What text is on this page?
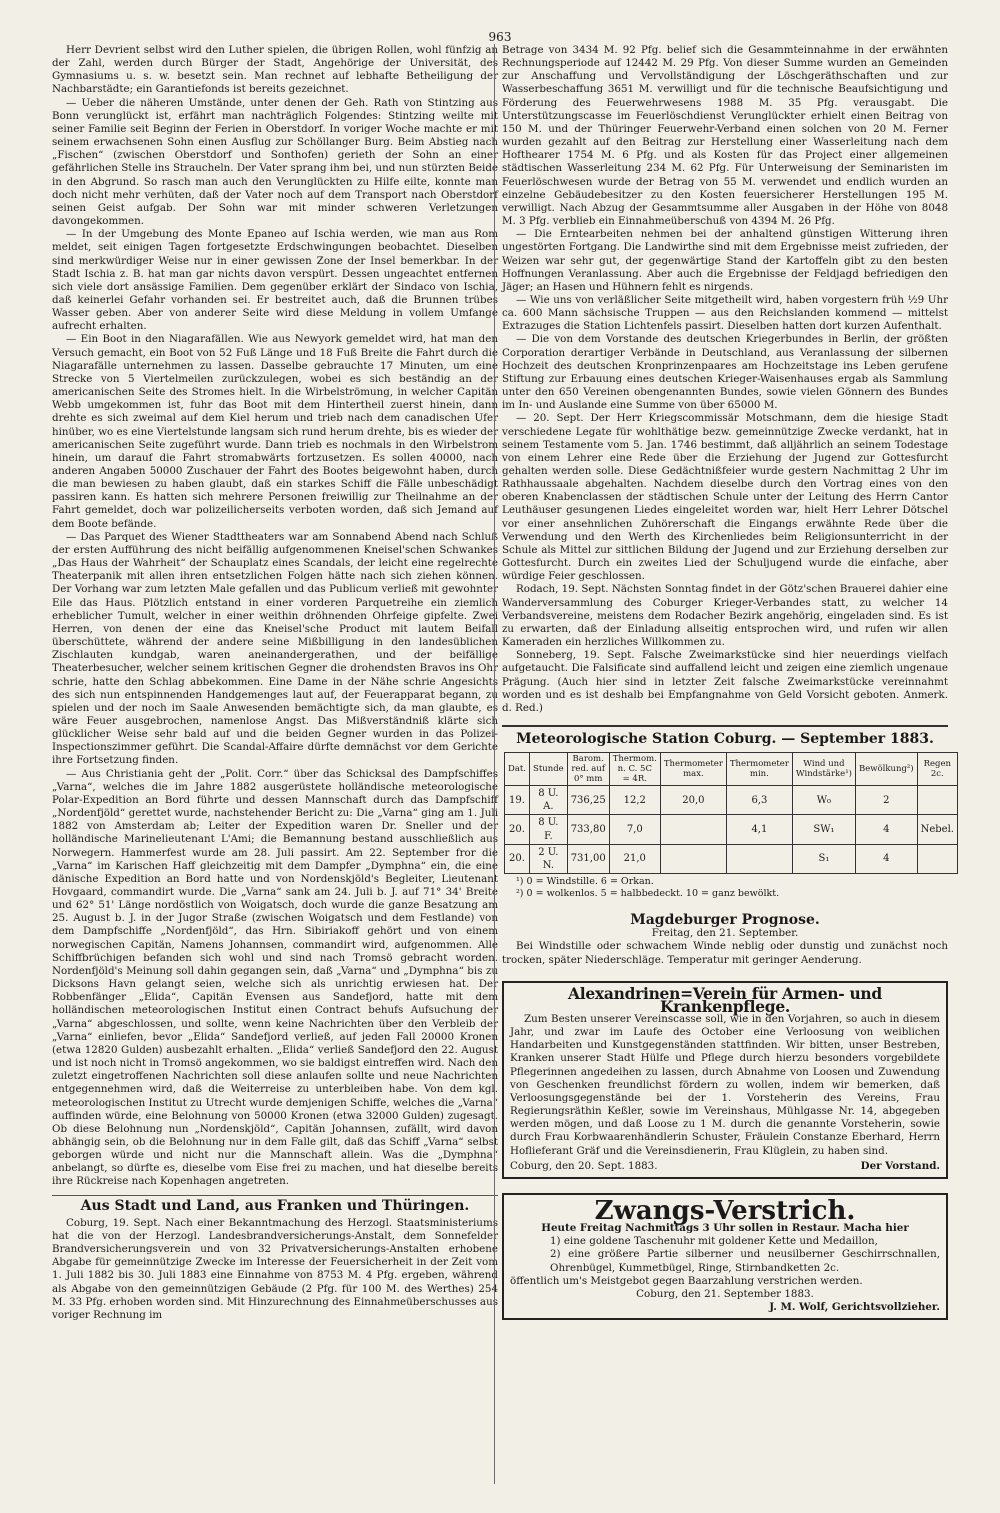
963

Herr Devrient selbst wird den Luther spielen, die übrigen Rollen, wohl fünfzig an der Zahl, werden durch Bürger der Stadt, Angehörige der Universität, des Gymnasiums u. s. w. besetzt sein. Man rechnet auf lebhafte Betheiligung der Nachbarstädte; ein Garantiefonds ist bereits gezeichnet.

— Ueber die näheren Umstände, unter denen der Geh. Rath von Stintzing aus Bonn verunglückt ist, erfährt man nachträglich Folgendes: Stintzing weilte mit seiner Familie seit Beginn der Ferien in Oberstdorf. In voriger Woche machte er mit seinem erwachsenen Sohn einen Ausflug zur Schöllanger Burg. Beim Abstieg nach „Fischen“ (zwischen Oberstdorf und Sonthofen) gerieth der Sohn an einer gefährlichen Stelle ins Straucheln. Der Vater sprang ihm bei, und nun stürzten Beide in den Abgrund. So rasch man auch den Verunglückten zu Hilfe eilte, konnte man doch nicht mehr verhüten, daß der Vater noch auf dem Transport nach Oberstdorf seinen Geist aufgab. Der Sohn war mit minder schweren Verletzungen davongekommen.

— In der Umgebung des Monte Epaneo auf Ischia werden, wie man aus Rom meldet, seit einigen Tagen fortgesetzte Erdschwingungen beobachtet. Dieselben sind merkwürdiger Weise nur in einer gewissen Zone der Insel bemerkbar. In der Stadt Ischia z. B. hat man gar nichts davon verspürt. Dessen ungeachtet entfernen sich viele dort ansässige Familien. Dem gegenüber erklärt der Sindaco von Ischia, daß keinerlei Gefahr vorhanden sei. Er bestreitet auch, daß die Brunnen trübes Wasser geben. Aber von anderer Seite wird diese Meldung in vollem Umfange aufrecht erhalten.

— Ein Boot in den Niagarafällen. Wie aus Newyork gemeldet wird, hat man den Versuch gemacht, ein Boot von 52 Fuß Länge und 18 Fuß Breite die Fahrt durch die Niagarafälle unternehmen zu lassen. Dasselbe gebrauchte 17 Minuten, um eine Strecke von 5 Viertelmeilen zurückzulegen, wobei es sich beständig an der americanischen Seite des Stromes hielt. In die Wirbelströmung, in welcher Capitän Webb umgekommen ist, fuhr das Boot mit dem Hintertheil zuerst hinein, dann drehte es sich zweimal auf dem Kiel herum und trieb nach dem canadischen Ufer hinüber, wo es eine Viertelstunde langsam sich rund herum drehte, bis es wieder der americanischen Seite zugeführt wurde. Dann trieb es nochmals in den Wirbelstrom hinein, um darauf die Fahrt stromabwärts fortzusetzen. Es sollen 40000, nach anderen Angaben 50000 Zuschauer der Fahrt des Bootes beigewohnt haben, durch die man bewiesen zu haben glaubt, daß ein starkes Schiff die Fälle unbeschädigt passiren kann. Es hatten sich mehrere Personen freiwillig zur Theilnahme an der Fahrt gemeldet, doch war polizeilicherseits verboten worden, daß sich Jemand auf dem Boote befände.

— Das Parquet des Wiener Stadttheaters war am Sonnabend Abend nach Schluß der ersten Aufführung des nicht beifällig aufgenommenen Kneisel'schen Schwankes „Das Haus der Wahrheit“ der Schauplatz eines Scandals, der leicht eine regelrechte Theaterpanik mit allen ihren entsetzlichen Folgen hätte nach sich ziehen können. Der Vorhang war zum letzten Male gefallen und das Publicum verließ mit gewohnter Eile das Haus. Plötzlich entstand in einer vorderen Parquetreihe ein ziemlich erheblicher Tumult, welcher in einer weithin dröhnenden Ohrfeige gipfelte. Zwei Herren, von denen der eine das Kneisel'sche Product mit lautem Beifall überschüttete, während der andere seine Mißbilligung in den landesüblichen Zischlauten kundgab, waren aneinandergerathen, und der beifällige Theaterbesucher, welcher seinem kritischen Gegner die drohendsten Bravos ins Ohr schrie, hatte den Schlag abbekommen. Eine Dame in der Nähe schrie Angesichts des sich nun entspinnenden Handgemenges laut auf, der Feuerapparat begann, zu spielen und der noch im Saale Anwesenden bemächtigte sich, da man glaubte, es wäre Feuer ausgebrochen, namenlose Angst. Das Mißverständniß klärte sich glücklicher Weise sehr bald auf und die beiden Gegner wurden in das Polizei-Inspectionszimmer geführt. Die Scandal-Affaire dürfte demnächst vor dem Gerichte ihre Fortsetzung finden.

— Aus Christiania geht der „Polit. Corr.“ über das Schicksal des Dampfschiffes „Varna“, welches die im Jahre 1882 ausgerüstete holländische meteorologische Polar-Expedition an Bord führte und dessen Mannschaft durch das Dampfschiff „Nordenfjöld“ gerettet wurde, nachstehender Bericht zu: Die „Varna“ ging am 1. Juli 1882 von Amsterdam ab; Leiter der Expedition waren Dr. Sneller und der holländische Marinelieutenant L'Ami; die Bemannung bestand ausschließlich aus Norwegern. Hammerfest wurde am 28. Juli passirt. Am 22. September fror die „Varna“ im Karischen Haff gleichzeitig mit dem Dampfer „Dymphna“ ein, die eine dänische Expedition an Bord hatte und von Nordenskjöld's Begleiter, Lieutenant Hovgaard, commandirt wurde. Die „Varna“ sank am 24. Juli b. J. auf 71° 34' Breite und 62° 51' Länge nordöstlich von Woigatsch, doch wurde die ganze Besatzung am 25. August b. J. in der Jugor Straße (zwischen Woigatsch und dem Festlande) von dem Dampfschiffe „Nordenfjöld“, das Hrn. Sibiriakoff gehört und von einem norwegischen Capitän, Namens Johannsen, commandirt wird, aufgenommen. Alle Schiffbrüchigen befanden sich wohl und sind nach Tromsö gebracht worden. Nordenfjöld's Meinung soll dahin gegangen sein, daß „Varna“ und „Dymphna“ bis zu Dicksons Havn gelangt seien, welche sich als unrichtig erwiesen hat. Der Robbenfänger „Elida“, Capitän Evensen aus Sandefjord, hatte mit dem holländischen meteorologischen Institut einen Contract behufs Aufsuchung der „Varna“ abgeschlossen, und sollte, wenn keine Nachrichten über den Verbleib der „Varna“ einliefen, bevor „Elida“ Sandefjord verließ, auf jeden Fall 20000 Kronen (etwa 12820 Gulden) ausbezahlt erhalten. „Elida“ verließ Sandefjord den 22. August und ist noch nicht in Tromsö angekommen, wo sie baldigst eintreffen wird. Nach den zuletzt eingetroffenen Nachrichten soll diese anlaufen sollte und neue Nachrichten entgegennehmen wird, daß die Weiterreise zu unterbleiben habe. Von dem kgl. meteorologischen Institut zu Utrecht wurde demjenigen Schiffe, welches die „Varna“ auffinden würde, eine Belohnung von 50000 Kronen (etwa 32000 Gulden) zugesagt. Ob diese Belohnung nun „Nordenskjöld“, Capitän Johannsen, zufällt, wird davon abhängig sein, ob die Belohnung nur in dem Falle gilt, daß das Schiff „Varna“ selbst geborgen würde und nicht nur die Mannschaft allein. Was die „Dymphna“ anbelangt, so dürfte es, dieselbe vom Eise frei zu machen, und hat dieselbe bereits ihre Rückreise nach Kopenhagen angetreten.

Aus Stadt und Land, aus Franken und Thüringen.

Coburg, 19. Sept. Nach einer Bekanntmachung des Herzogl. Staatsministeriums hat die von der Herzogl. Landesbrandversicherungs-Anstalt, dem Sonnefelder Brandversicherungsverein und von 32 Privatversicherungs-Anstalten erhobene Abgabe für gemeinnützige Zwecke im Interesse der Feuersicherheit in der Zeit vom 1. Juli 1882 bis 30. Juli 1883 eine Einnahme von 8753 M. 4 Pfg. ergeben, während als Abgabe von den gemeinnützigen Gebäude (2 Pfg. für 100 M. des Werthes) 254 M. 33 Pfg. erhoben worden sind. Mit Hinzurechnung des Einnahmeüberschusses aus voriger Rechnung im

Betrage von 3434 M. 92 Pfg. belief sich die Gesammteinnahme in der erwähnten Rechnungsperiode auf 12442 M. 29 Pfg. Von dieser Summe wurden an Gemeinden zur Anschaffung und Vervollständigung der Löschgeräthschaften und zur Wasserbeschaffung 3651 M. verwilligt und für die technische Beaufsichtigung und Förderung des Feuerwehrwesens 1988 M. 35 Pfg. verausgabt. Die Unterstützungscasse im Feuerlöschdienst Verunglückter erhielt einen Beitrag von 150 M. und der Thüringer Feuerwehr-Verband einen solchen von 20 M. Ferner wurden gezahlt auf den Beitrag zur Herstellung einer Wasserleitung nach dem Hofthearer 1754 M. 6 Pfg. und als Kosten für das Project einer allgemeinen städtischen Wasserleitung 234 M. 62 Pfg. Für Unterweisung der Seminaristen im Feuerlöschwesen wurde der Betrag von 55 M. verwendet und endlich wurden an einzelne Gebäudebesitzer zu den Kosten feuersicherer Herstellungen 195 M. verwilligt. Nach Abzug der Gesammtsumme aller Ausgaben in der Höhe von 8048 M. 3 Pfg. verblieb ein Einnahmeüberschuß von 4394 M. 26 Pfg.

— Die Erntearbeiten nehmen bei der anhaltend günstigen Witterung ihren ungestörten Fortgang. Die Landwirthe sind mit dem Ergebnisse meist zufrieden, der Weizen war sehr gut, der gegenwärtige Stand der Kartoffeln gibt zu den besten Hoffnungen Veranlassung. Aber auch die Ergebnisse der Feldjagd befriedigen den Jäger; an Hasen und Hühnern fehlt es nirgends.

— Wie uns von verläßlicher Seite mitgetheilt wird, haben vorgestern früh ½9 Uhr ca. 600 Mann sächsische Truppen — aus den Reichslanden kommend — mittelst Extrazuges die Station Lichtenfels passirt. Dieselben hatten dort kurzen Aufenthalt.

— Die von dem Vorstande des deutschen Kriegerbundes in Berlin, der größten Corporation derartiger Verbände in Deutschland, aus Veranlassung der silbernen Hochzeit des deutschen Kronprinzenpaares am Hochzeitstage ins Leben gerufene Stiftung zur Erbauung eines deutschen Krieger-Waisenhauses ergab als Sammlung unter den 650 Vereinen obengenannten Bundes, sowie vielen Gönnern des Bundes im In- und Auslande eine Summe von über 65000 M.

— 20. Sept. Der Herr Kriegscommissär Motschmann, dem die hiesige Stadt verschiedene Legate für wohlthätige bezw. gemeinnützige Zwecke verdankt, hat in seinem Testamente vom 5. Jan. 1746 bestimmt, daß alljährlich an seinem Todestage von einem Lehrer eine Rede über die Erziehung der Jugend zur Gottesfurcht gehalten werden solle. Diese Gedächtnißfeier wurde gestern Nachmittag 2 Uhr im Rathhaussaale abgehalten. Nachdem dieselbe durch den Vortrag eines von den oberen Knabenclassen der städtischen Schule unter der Leitung des Herrn Cantor Leuthäuser gesungenen Liedes eingeleitet worden war, hielt Herr Lehrer Dötschel vor einer ansehnlichen Zuhörerschaft die Eingangs erwähnte Rede über die Verwendung und den Werth des Kirchenliedes beim Religionsunterricht in der Schule als Mittel zur sittlichen Bildung der Jugend und zur Erziehung derselben zur Gottesfurcht. Durch ein zweites Lied der Schuljugend wurde die einfache, aber würdige Feier geschlossen.

Rodach, 19. Sept. Nächsten Sonntag findet in der Götz'schen Brauerei dahier eine Wanderversammlung des Coburger Krieger-Verbandes statt, zu welcher 14 Verbandsvereine, meistens dem Rodacher Bezirk angehörig, eingeladen sind. Es ist zu erwarten, daß der Einladung allseitig entsprochen wird, und rufen wir allen Kameraden ein herzliches Willkommen zu.

Sonneberg, 19. Sept. Falsche Zweimarkstücke sind hier neuerdings vielfach aufgetaucht. Die Falsificate sind auffallend leicht und zeigen eine ziemlich ungenaue Prägung. (Auch hier sind in letzter Zeit falsche Zweimarkstücke vereinnahmt worden und es ist deshalb bei Empfangnahme von Geld Vorsicht geboten. Anmerk. d. Red.)

Meteorologische Station Coburg. — September 1883.
Dat.	Stunde	Barom. red. auf 0° mm	Thermom. n. C. 5C = 4R.	Thermometer max.	Thermometer min.	Wind und Windstärke¹)	Bewölkung²)	Regen 2c.
19.	8 U. A.	736,25	12,2	20,0	6,3	W₀	2	
20.	8 U. F.	733,80	7,0		4,1	SW₁	4	Nebel.
20.	2 U. N.	731,00	21,0			S₁	4	
¹) 0 = Windstille. 6 = Orkan.
²) 0 = wolkenlos. 5 = halbbedeckt. 10 = ganz bewölkt.
Magdeburger Prognose.
Freitag, den 21. September.

Bei Windstille oder schwachem Winde neblig oder dunstig und zunächst noch trocken, später Niederschläge. Temperatur mit geringer Aenderung.

Alexandrinen=Verein für Armen- und Krankenpflege.

Zum Besten unserer Vereinscasse soll, wie in den Vorjahren, so auch in diesem Jahr, und zwar im Laufe des October eine Verloosung von weiblichen Handarbeiten und Kunstgegenständen stattfinden. Wir bitten, unser Bestreben, Kranken unserer Stadt Hülfe und Pflege durch hierzu besonders vorgebildete Pflegerinnen angedeihen zu lassen, durch Abnahme von Loosen und Zuwendung von Geschenken freundlichst fördern zu wollen, indem wir bemerken, daß Verloosungsgegenstände bei der 1. Vorsteherin des Vereins, Frau Regierungsräthin Keßler, sowie im Vereinshaus, Mühlgasse Nr. 14, abgegeben werden mögen, und daß Loose zu 1 M. durch die genannte Vorsteherin, sowie durch Frau Korbwaarenhändlerin Schuster, Fräulein Constanze Eberhard, Herrn Hoflieferant Gräf und die Vereinsdienerin, Frau Klüglein, zu haben sind.

Coburg, den 20. Sept. 1883.	Der Vorstand.
Zwangs-Verstrich.
Heute Freitag Nachmittags 3 Uhr sollen in Restaur. Macha hier
1) eine goldene Taschenuhr mit goldener Kette und Medaillon,
2) eine größere Partie silberner und neusilberner Geschirrschnallen, Ohrenbügel, Kummetbügel, Ringe, Stirnbandketten 2c.
öffentlich um's Meistgebot gegen Baarzahlung verstrichen werden.
Coburg, den 21. September 1883.
J. M. Wolf, Gerichtsvollzieher.
